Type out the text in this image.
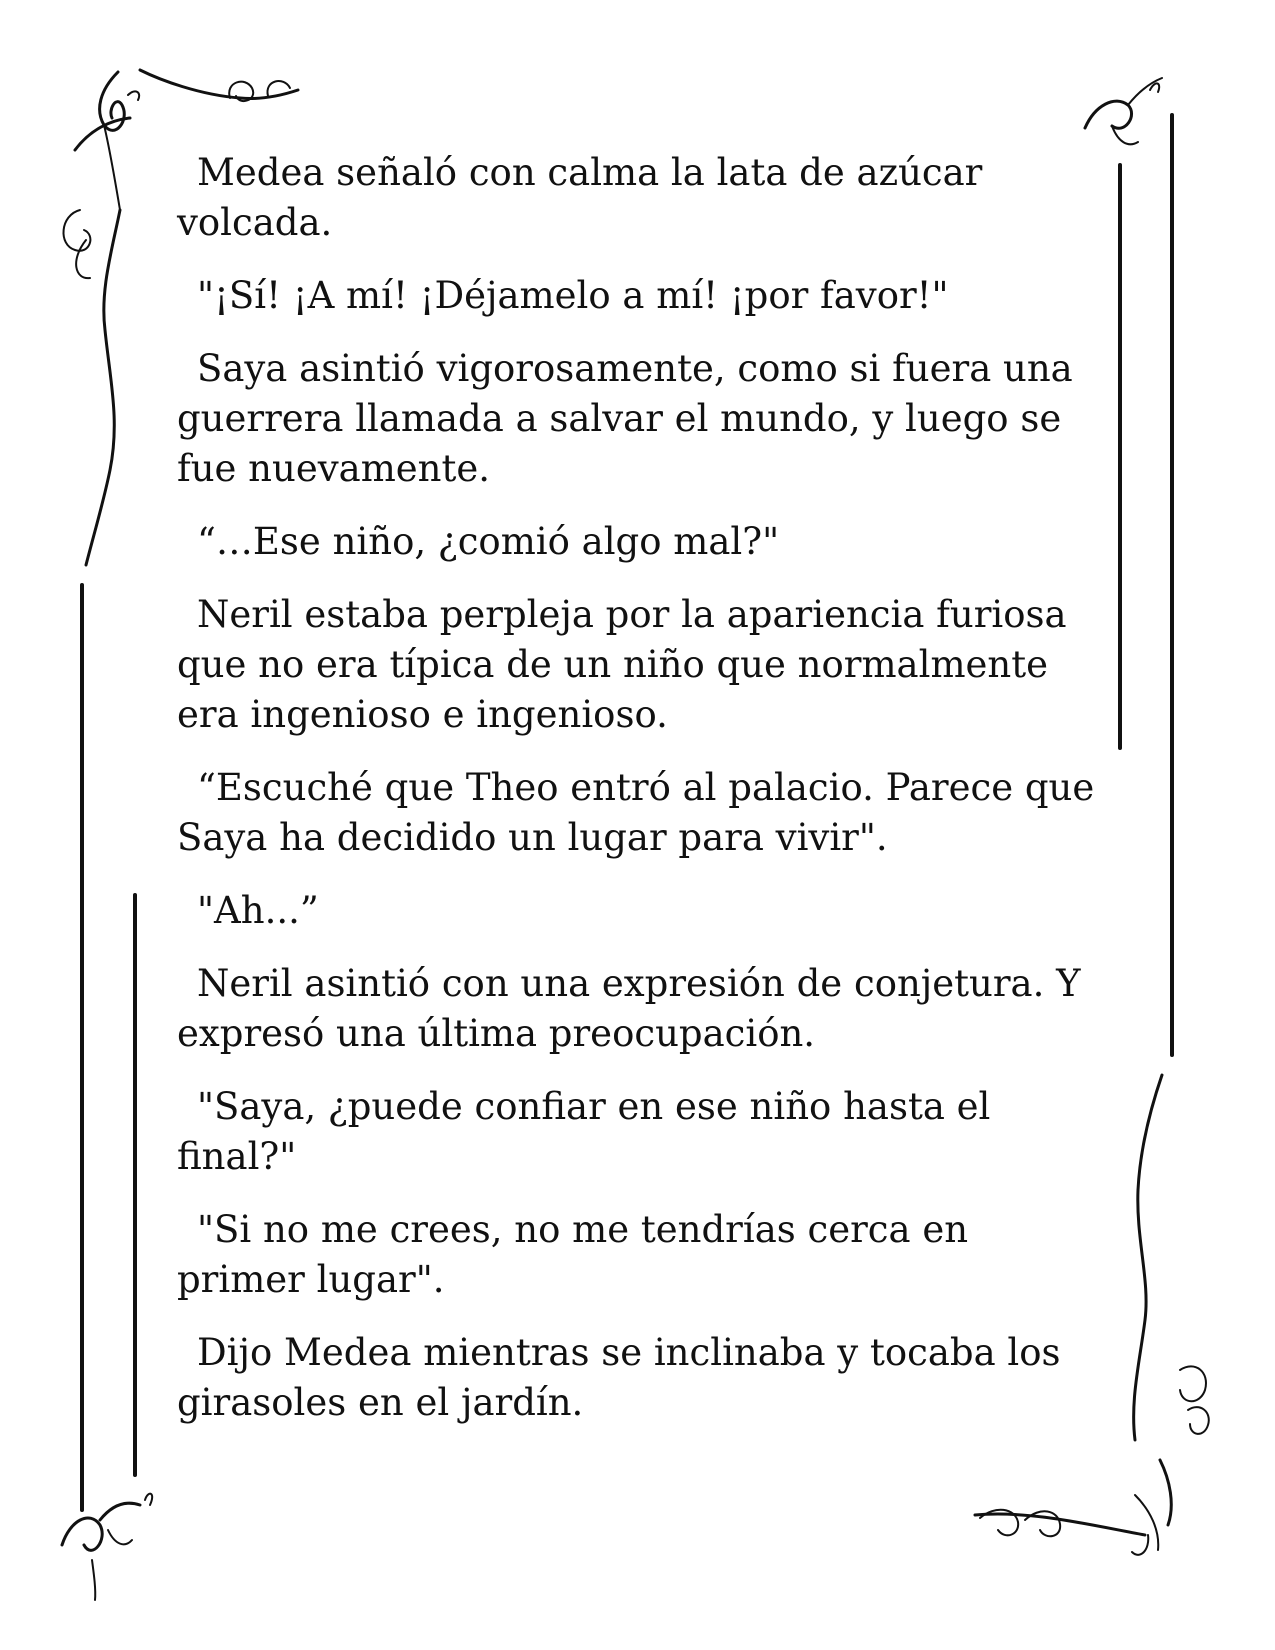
Medea señaló con calma la lata de azúcar volcada.

"¡Sí! ¡A mí! ¡Déjamelo a mí! ¡por favor!"

Saya asintió vigorosamente, como si fuera una guerrera llamada a salvar el mundo, y luego se fue nuevamente.

“…Ese niño, ¿comió algo mal?"

Neril estaba perpleja por la apariencia furiosa que no era típica de un niño que normalmente era ingenioso e ingenioso.

“Escuché que Theo entró al palacio. Parece que Saya ha decidido un lugar para vivir".

"Ah...”

Neril asintió con una expresión de conjetura. Y expresó una última preocupación.

"Saya, ¿puede confiar en ese niño hasta el final?"

"Si no me crees, no me tendrías cerca en primer lugar".

Dijo Medea mientras se inclinaba y tocaba los girasoles en el jardín.
